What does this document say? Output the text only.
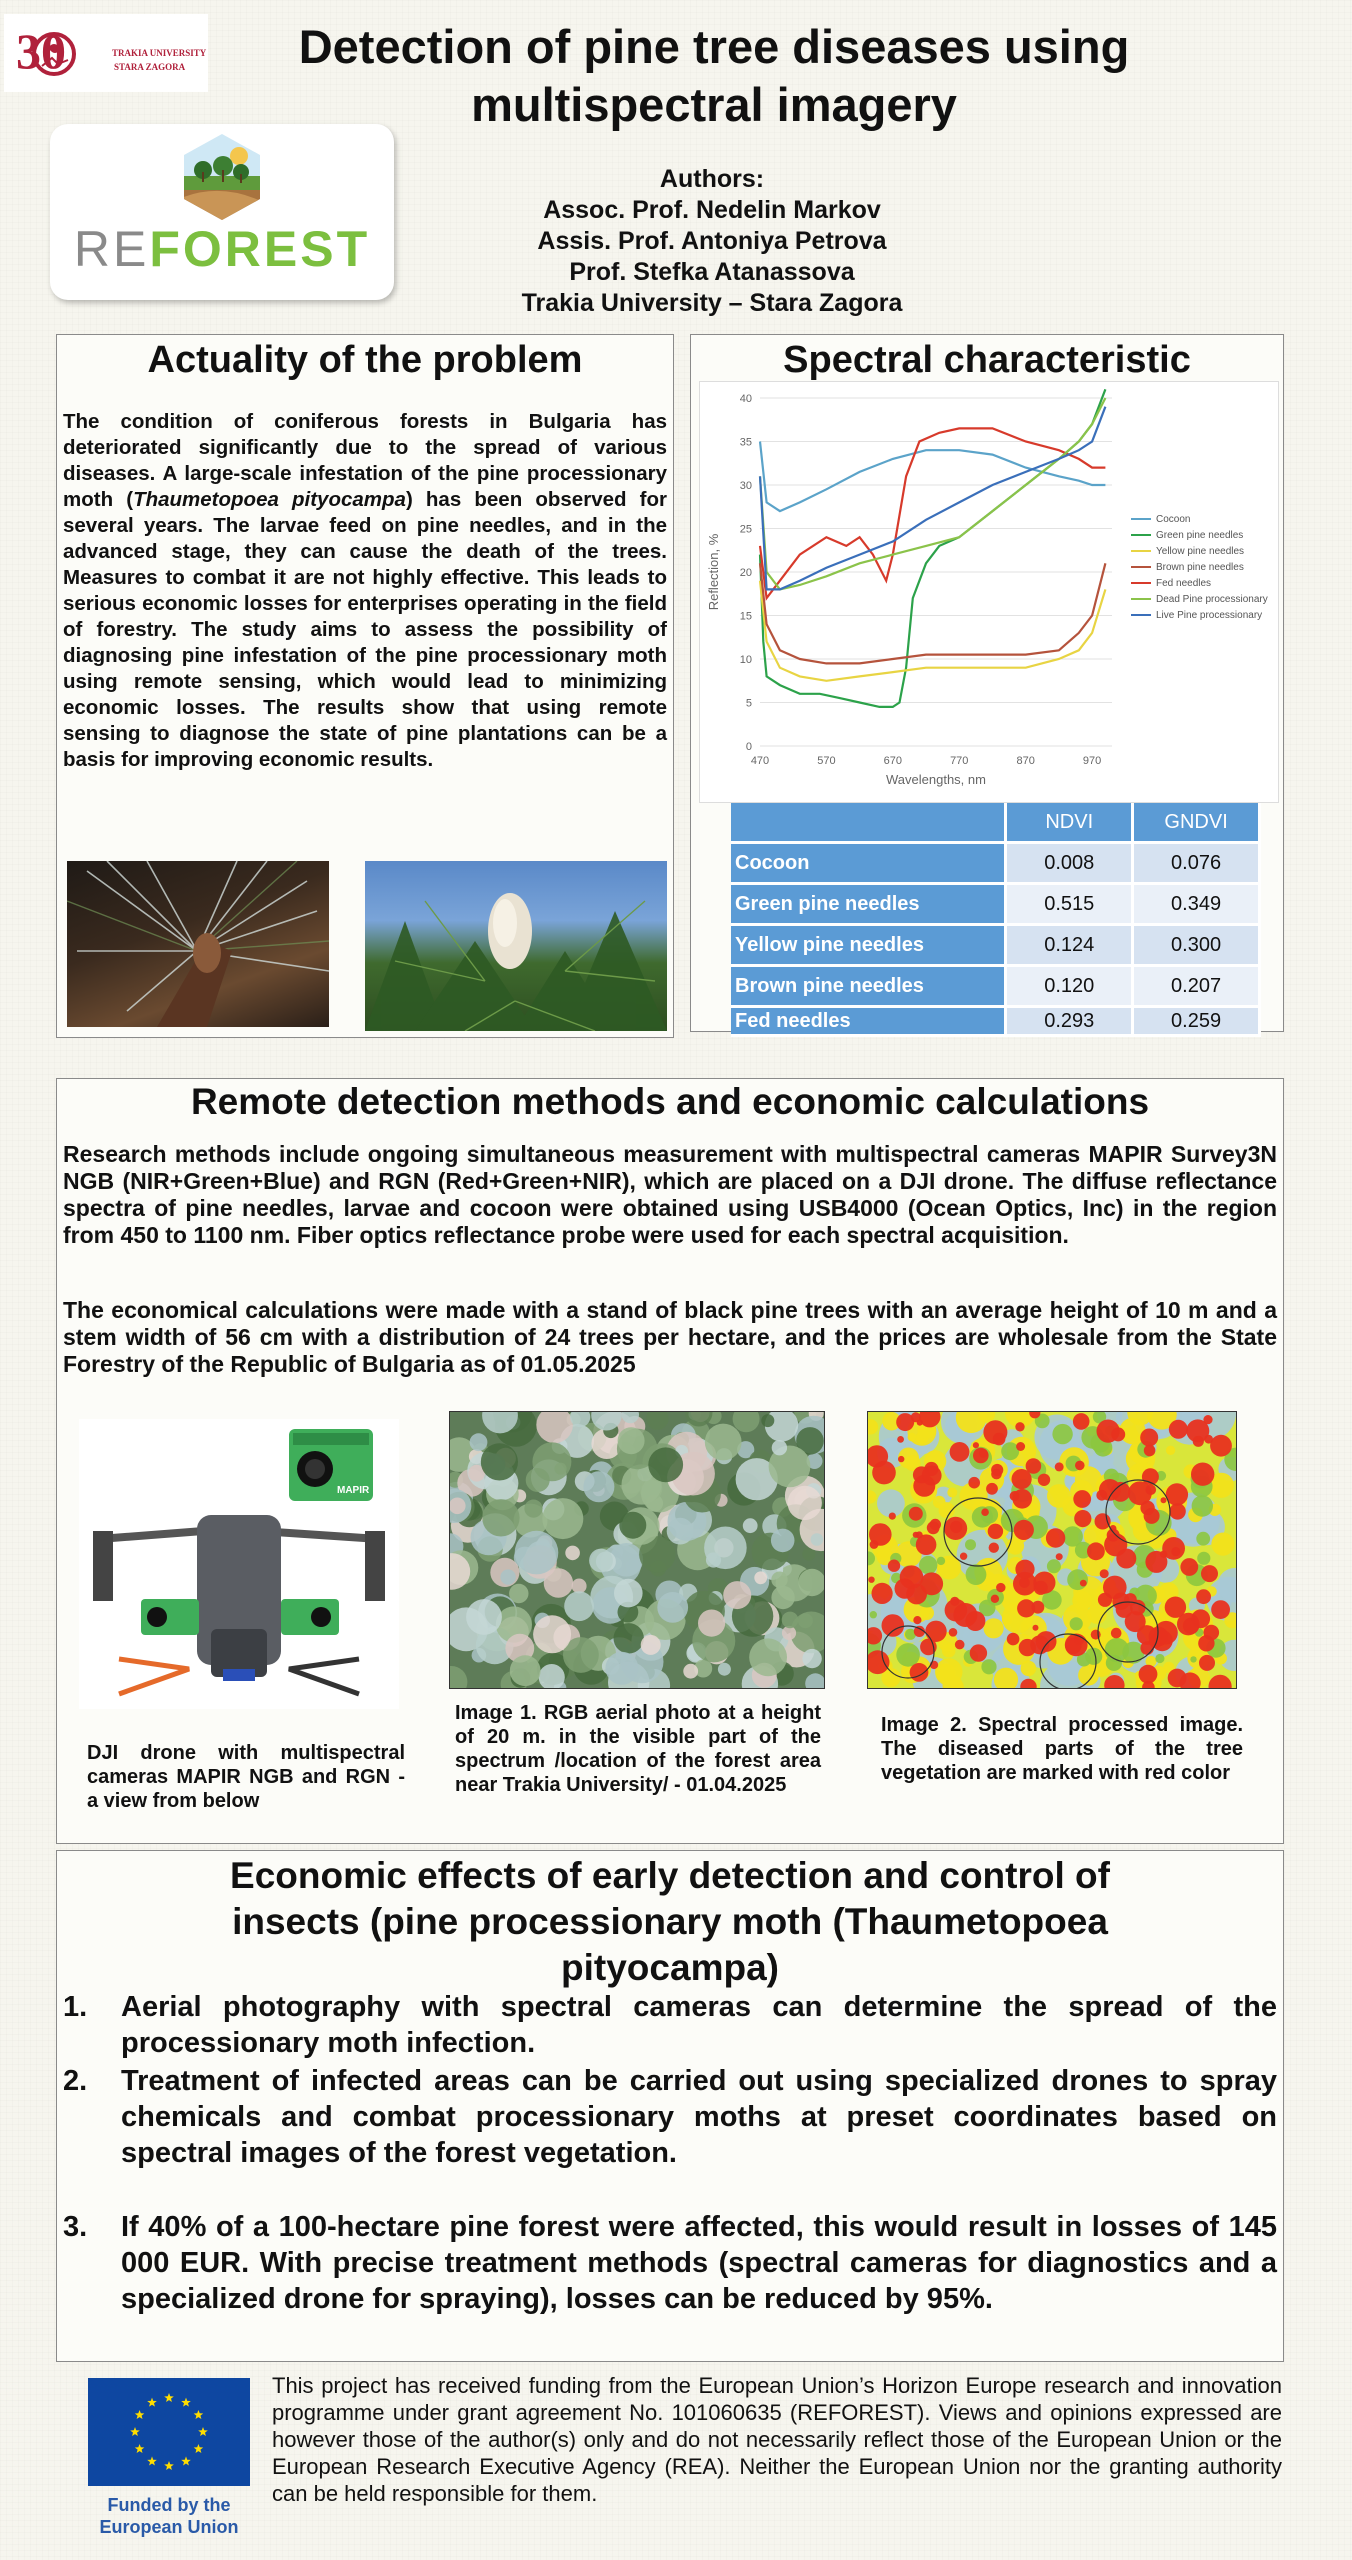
30	TRAKIA UNIVERSITY
STARA ZAGORA
REFOREST
Detection of pine tree diseases using
multispectral imagery
Authors:
Assoc. Prof. Nedelin Markov
Assis. Prof. Antoniya Petrova
Prof. Stefka Atanassova
Trakia University – Stara Zagora
Actuality of the problem
The condition of coniferous forests in Bulgaria has deteriorated significantly due to the spread of various diseases. A large-scale infestation of the pine processionary moth (Thaumetopoea pityocampa) has been observed for several years. The larvae feed on pine needles, and in the advanced stage, they can cause the death of the trees. Measures to combat it are not highly effective. This leads to serious economic losses for enterprises operating in the field of forestry. The study aims to assess the possibility of diagnosing pine infestation of the pine processionary moth using remote sensing, which would lead to minimizing economic losses. The results show that using remote sensing to diagnose the state of pine plantations can be a basis for improving economic results.
Spectral characteristic
0
5
10
15
20
25
30
35
40
470	570	670	770	870	970
Wavelengths, nm
Reflection, %
Cocoon
Green pine needles
Yellow pine needles
Brown pine needles
Fed needles
Dead Pine processionary
Live Pine processionary
	NDVI	GNDVI
Cocoon	0.008	0.076
Green pine needles	0.515	0.349
Yellow pine needles	0.124	0.300
Brown pine needles	0.120	0.207
Fed needles	0.293	0.259
Remote detection methods and economic calculations
Research methods include ongoing simultaneous measurement with multispectral cameras MAPIR Survey3N NGB (NIR+Green+Blue) and RGN (Red+Green+NIR), which are placed on a DJI drone. The diffuse reflectance spectra of pine needles, larvae and cocoon were obtained using USB4000 (Ocean Optics, Inc) in the region from 450 to 1100 nm. Fiber optics reflectance probe were used for each spectral acquisition.
The economical calculations were made with a stand of black pine trees with an average height of 10 m and a stem width of 56 cm with a distribution of 24 trees per hectare, and the prices are wholesale from the State Forestry of the Republic of Bulgaria as of 01.05.2025
MAPIR
DJI drone with multispectral cameras MAPIR NGB and RGN - a view from below
Image 1. RGB aerial photo at a height of 20 m. in the visible part of the spectrum /location of the forest area near Trakia University/ - 01.04.2025
Image 2. Spectral processed image. The diseased parts of the tree vegetation are marked with red color
Economic effects of early detection and control of
insects (pine processionary moth (Thaumetopoea
pityocampa)
1.	Aerial photography with spectral cameras can determine the spread of the processionary moth infection.
2.	Treatment of infected areas can be carried out using specialized drones to spray chemicals and combat processionary moths at preset coordinates based on spectral images of the forest vegetation.
3.	If 40% of a 100-hectare pine forest were affected, this would result in losses of 145 000 EUR. With precise treatment methods (spectral cameras for diagnostics and a specialized drone for spraying), losses can be reduced by 95%.
Funded by the
European Union
This project has received funding from the European Union’s Horizon Europe research and innovation programme under grant agreement No. 101060635 (REFOREST). Views and opinions expressed are however those of the author(s) only and do not necessarily reflect those of the European Union or the European Research Executive Agency (REA). Neither the European Union nor the granting authority can be held responsible for them.
